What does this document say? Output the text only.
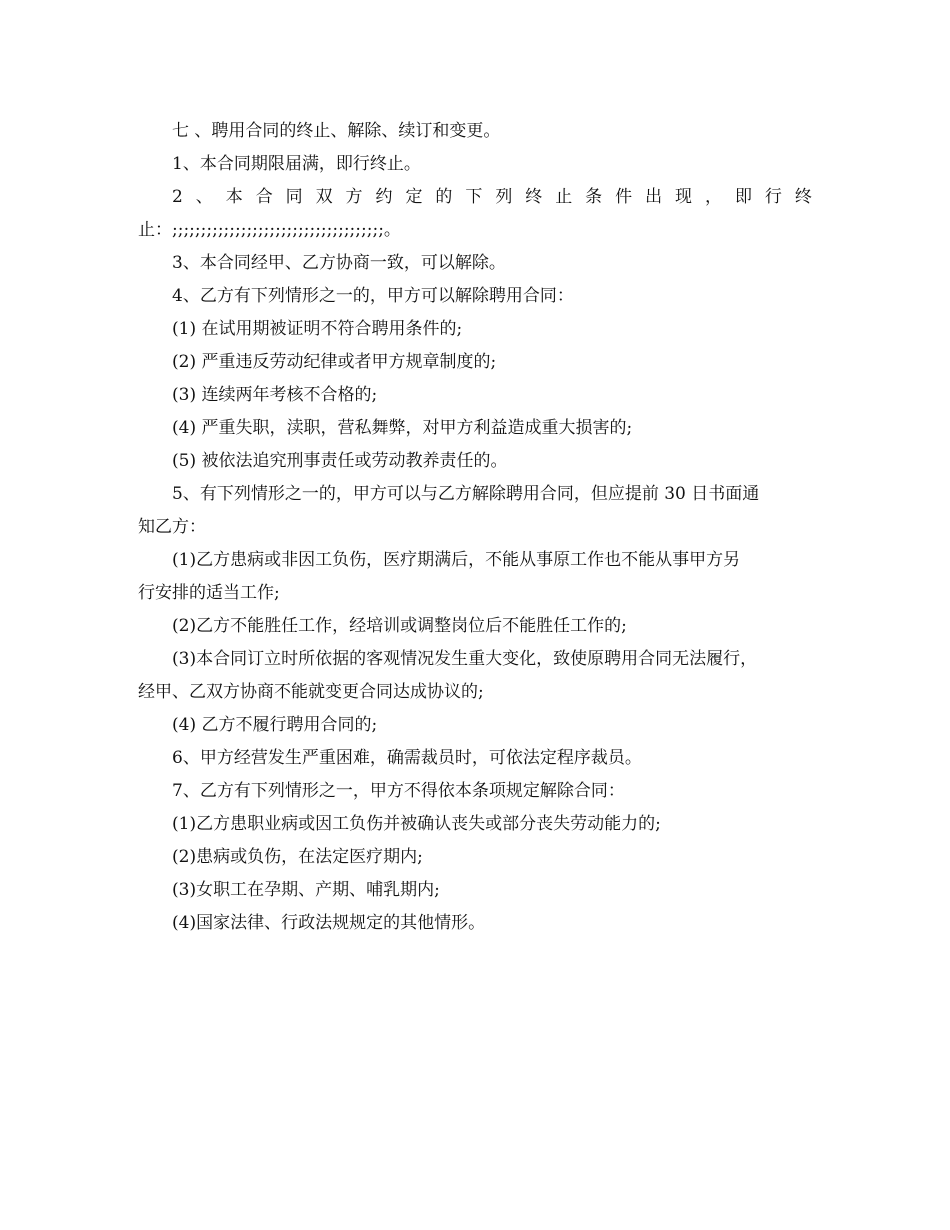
七 、聘用合同的终止、解除、续订和变更。
1、本合同期限届满，即行终止。
2 、 本 合 同 双 方 约 定 的 下 列 终 止 条 件 出 现 ， 即 行 终
止：;;;;;;;;;;;;;;;;;;;;;;;;;;;;;;;;;;;;;。
3、本合同经甲、乙方协商一致，可以解除。
4、乙方有下列情形之一的，甲方可以解除聘用合同：
(1) 在试用期被证明不符合聘用条件的;
(2) 严重违反劳动纪律或者甲方规章制度的;
(3) 连续两年考核不合格的;
(4) 严重失职，渎职，营私舞弊，对甲方利益造成重大损害的;
(5) 被依法追究刑事责任或劳动教养责任的。
5、有下列情形之一的，甲方可以与乙方解除聘用合同，但应提前 30 日书面通
知乙方：
(1)乙方患病或非因工负伤，医疗期满后，不能从事原工作也不能从事甲方另
行安排的适当工作;
(2)乙方不能胜任工作，经培训或调整岗位后不能胜任工作的;
(3)本合同订立时所依据的客观情况发生重大变化，致使原聘用合同无法履行，
经甲、乙双方协商不能就变更合同达成协议的;
(4) 乙方不履行聘用合同的;
6、甲方经营发生严重困难，确需裁员时，可依法定程序裁员。
7、乙方有下列情形之一，甲方不得依本条项规定解除合同：
(1)乙方患职业病或因工负伤并被确认丧失或部分丧失劳动能力的;
(2)患病或负伤，在法定医疗期内;
(3)女职工在孕期、产期、哺乳期内;
(4)国家法律、行政法规规定的其他情形。
